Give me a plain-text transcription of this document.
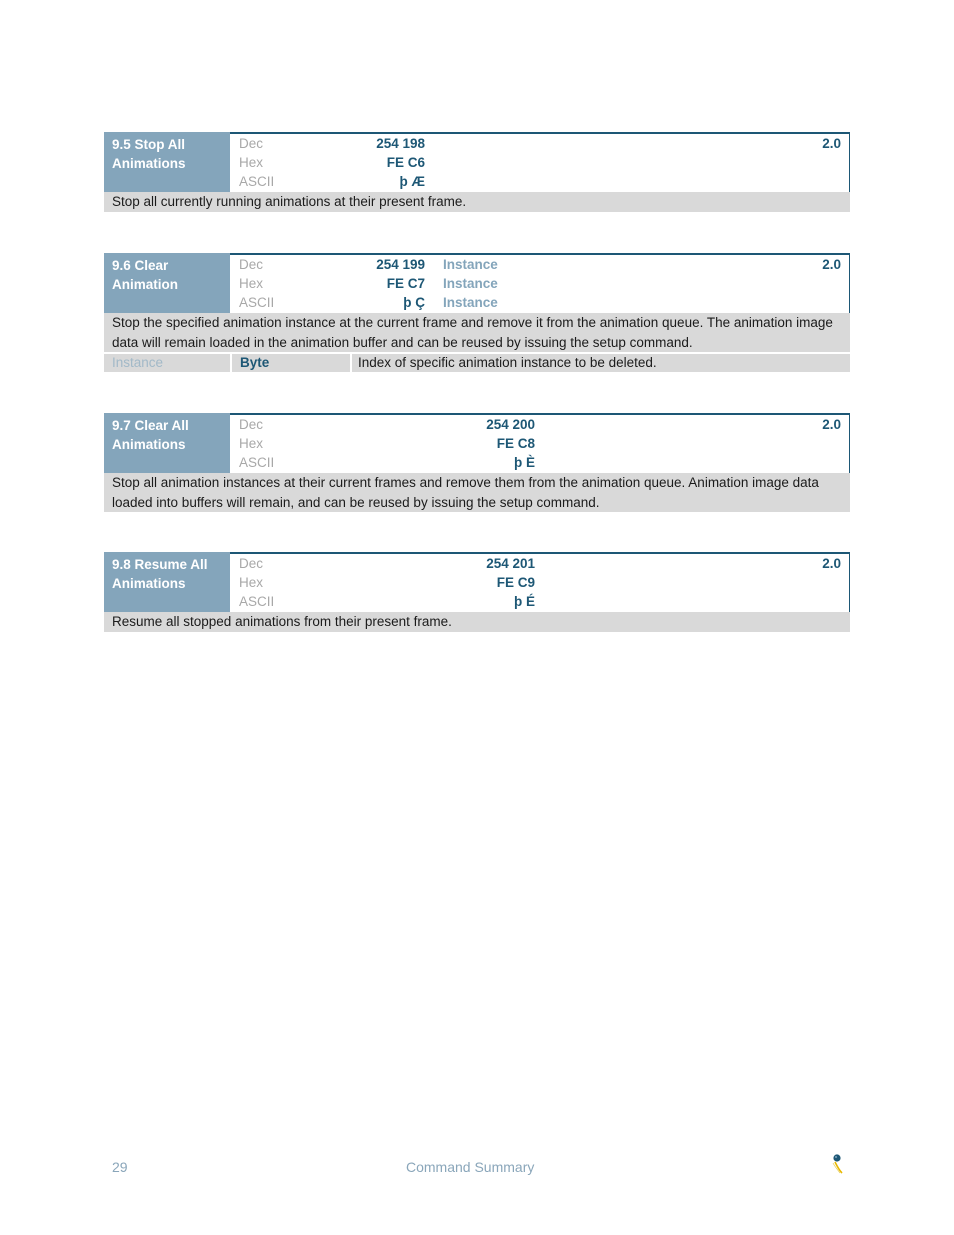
9.5 Stop All Animations
Dec	254 198
Hex	FE C6
ASCII	þ Æ
2.0
Stop all currently running animations at their present frame.
9.6 Clear Animation
Dec	254 199 Instance
Hex	FE C7 Instance
ASCII	þ Ç Instance
2.0
Stop the specified animation instance at the current frame and remove it from the animation queue. The animation image data will remain loaded in the animation buffer and can be reused by issuing the setup command.
Instance	Byte	Index of specific animation instance to be deleted.
9.7 Clear All Animations
Dec	254 200
Hex	FE C8
ASCII	þ È
2.0
Stop all animation instances at their current frames and remove them from the animation queue. Animation image data loaded into buffers will remain, and can be reused by issuing the setup command.
9.8 Resume All Animations
Dec	254 201
Hex	FE C9
ASCII	þ É
2.0
Resume all stopped animations from their present frame.
29	Command Summary
